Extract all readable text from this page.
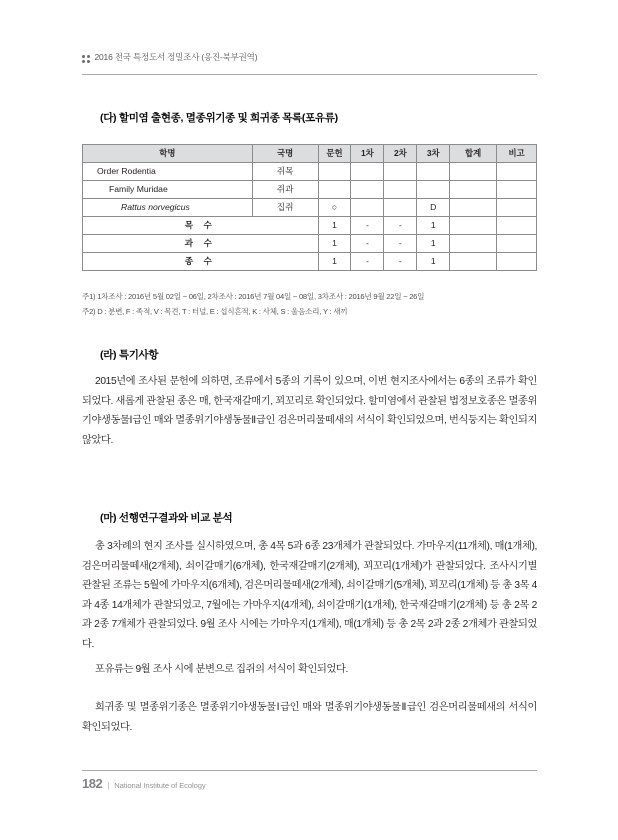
2016 전국 특정도서 정밀조사 (옹진-북부권역)
(다) 할미염 출현종, 멸종위기종 및 희귀종 목록(포유류)
학명	국명	문헌	1차	2차	3차	합계	비고
Order Rodentia	쥐목						
Family Muridae	쥐과						
Rattus norvegicus	집쥐	○			D		
목 수		1	-	-	1		
과 수		1	-	-	1		
종 수		1	-	-	1		
주1) 1차조사 : 2016년 5월 02일 ~ 06일, 2차조사 : 2016년 7월 04일 ~ 08일, 3차조사 : 2016년 9월 22일 ~ 26일
주2) D : 분변, F : 족적, V : 목견, T : 터널, E : 섭식흔적, K : 사체, S : 울음소리, Y : 새끼
(라) 특기사항
2015년에 조사된 문헌에 의하면, 조류에서 5종의 기록이 있으며, 이번 현지조사에서는 6종의 조류가 확인되었다. 새롭게 관찰된 종은 매, 한국재갈매기, 꾀꼬리로 확인되었다. 할미염에서 관찰된 법정보호종은 멸종위기야생동물Ⅰ급인 매와 멸종위기야생동물Ⅱ급인 검은머리물떼새의 서식이 확인되었으며, 번식둥지는 확인되지 않았다.
(마) 선행연구결과와 비교 분석
총 3차례의 현지 조사를 실시하였으며, 총 4목 5과 6종 23개체가 관찰되었다. 가마우지(11개체), 매(1개체), 검은머리물떼새(2개체), 쇠이갈매기(6개체), 한국재갈매기(2개체), 꾀꼬리(1개체)가 관찰되었다. 조사시기별 관찰된 조류는 5월에 가마우지(6개체), 검은머리물떼새(2개체), 쇠이갈매기(5개체), 꾀꼬리(1개체) 등 총 3목 4과 4종 14개체가 관찰되었고, 7월에는 가마우지(4개체), 쇠이갈매기(1개체), 한국재갈매기(2개체) 등 총 2목 2과 2종 7개체가 관찰되었다. 9월 조사 시에는 가마우지(1개체), 매(1개체) 등 총 2목 2과 2종 2개체가 관찰되었다.
포유류는 9월 조사 시에 분변으로 집쥐의 서식이 확인되었다.
희귀종 및 멸종위기종은 멸종위기야생동물Ⅰ급인 매와 멸종위기야생동물Ⅱ급인 검은머리물떼새의 서식이 확인되었다.
182 | National Institute of Ecology
